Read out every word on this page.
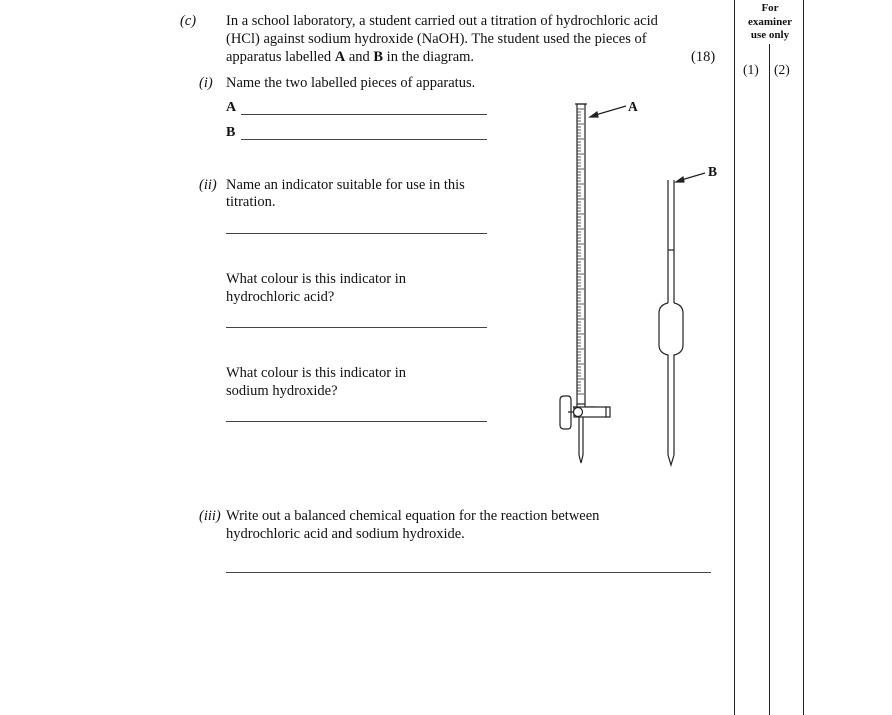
(c) In a school laboratory, a student carried out a titration of hydrochloric acid
(HCl) against sodium hydroxide (NaOH). The student used the pieces of
apparatus labelled A and B in the diagram.	(18)
(i) Name the two labelled pieces of apparatus.
A
B
(ii) Name an indicator suitable for use in this
titration.
What colour is this indicator in
hydrochloric acid?
What colour is this indicator in
sodium hydroxide?
(iii) Write out a balanced chemical equation for the reaction between
hydrochloric acid and sodium hydroxide.
A
B
For
examiner
use only
(1) (2)
